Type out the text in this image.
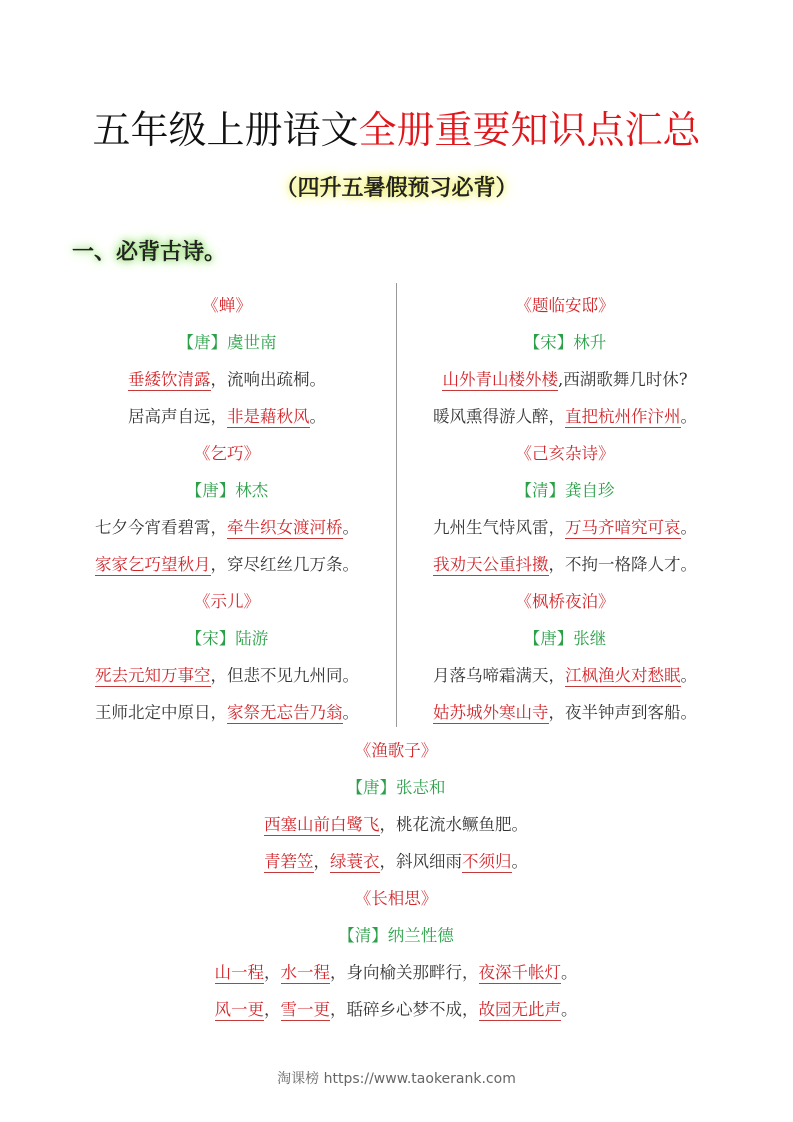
五年级上册语文全册重要知识点汇总
（四升五暑假预习必背）
一、必背古诗。
《蝉》
【唐】虞世南
垂緌饮清露，流响出疏桐。
居高声自远，非是藉秋风。
《乞巧》
【唐】林杰
七夕今宵看碧霄，牵牛织女渡河桥。
家家乞巧望秋月，穿尽红丝几万条。
《示儿》
【宋】陆游
死去元知万事空，但悲不见九州同。
王师北定中原日，家祭无忘告乃翁。
《题临安邸》
【宋】林升
山外青山楼外楼,西湖歌舞几时休?
暖风熏得游人醉，直把杭州作汴州。
《己亥杂诗》
【清】龚自珍
九州生气恃风雷，万马齐喑究可哀。
我劝天公重抖擞，不拘一格降人才。
《枫桥夜泊》
【唐】张继
月落乌啼霜满天，江枫渔火对愁眠。
姑苏城外寒山寺，夜半钟声到客船。
《渔歌子》
【唐】张志和
西塞山前白鹭飞，桃花流水鳜鱼肥。
青箬笠，绿蓑衣，斜风细雨不须归。
《长相思》
【清】纳兰性德
山一程，水一程，身向榆关那畔行，夜深千帐灯。
风一更，雪一更，聒碎乡心梦不成，故园无此声。
淘课榜 https://www.taokerank.com
